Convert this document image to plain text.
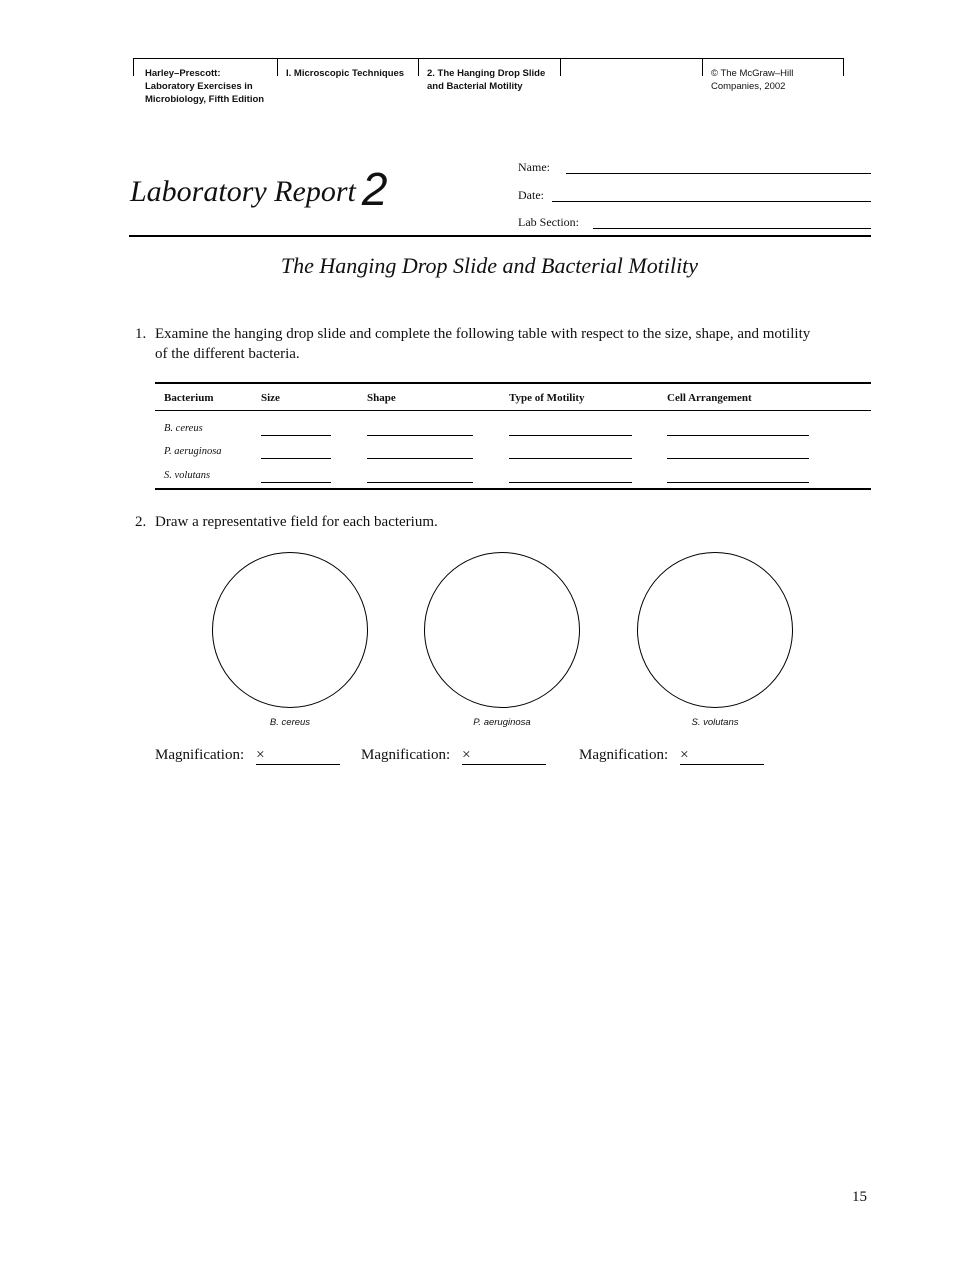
Harley–Prescott:
Laboratory Exercises in
Microbiology, Fifth Edition
I. Microscopic Techniques 2. The Hanging Drop Slide
and Bacterial Motility
© The McGraw–Hill
Companies, 2002
Laboratory Report 2	Name:
Date:
Lab Section:
The Hanging Drop Slide and Bacterial Motility
1. Examine the hanging drop slide and complete the following table with respect to the size, shape, and motility
of the different bacteria.
Bacterium	Size	Shape	Type of Motility	Cell Arrangement
B. cereus
P. aeruginosa
S. volutans
2. Draw a representative field for each bacterium.
B. cereus	P. aeruginosa	S. volutans
Magnification: ×	Magnification: ×	Magnification: ×
15
